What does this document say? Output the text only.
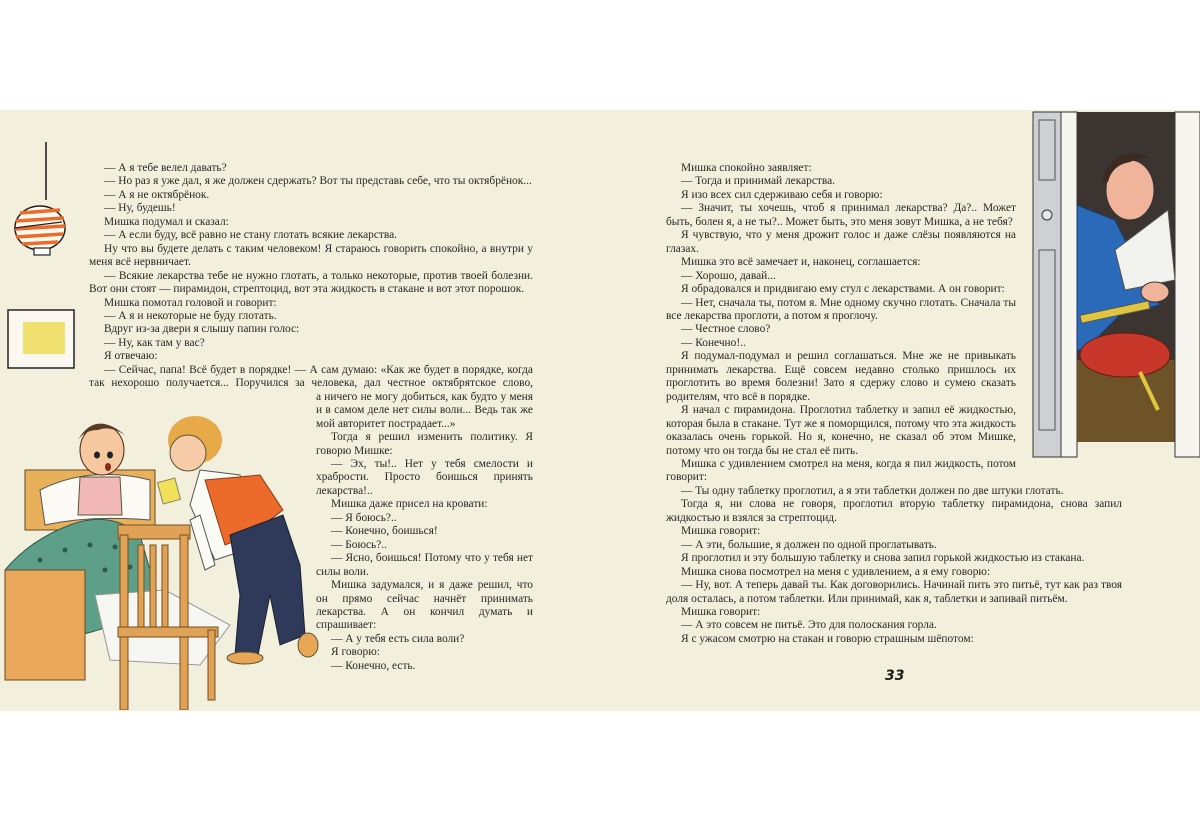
— А я тебе велел давать?

— Но раз я уже дал, я же должен сдержать? Вот ты представь себе, что ты октябрёнок...

— А я не октябрёнок.

— Ну, будешь!

Мишка подумал и сказал:

— А если буду, всё равно не стану глотать всякие лекарства.

Ну что вы будете делать с таким человеком! Я стараюсь говорить спокойно, а внутри у меня всё нервничает.

— Всякие лекарства тебе не нужно глотать, а только некоторые, против твоей болезни. Вот они стоят — пирамидон, стрептоцид, вот эта жидкость в стакане и вот этот порошок.

Мишка помотал головой и говорит:

— А я и некоторые не буду глотать.

Вдруг из-за двери я слышу папин голос:

— Ну, как там у вас?

Я отвечаю:

— Сейчас, папа! Всё будет в порядке! — А сам думаю: «Как же будет в порядке, когда так нехорошо получается... Поручился за человека, дал честное октябрятское слово,

а ничего не могу добиться, как будто у меня и в самом деле нет силы воли... Ведь так же мой авторитет пострадает...»

Тогда я решил изменить политику. Я говорю Мишке:

— Эх, ты!.. Нет у тебя смелости и храбрости. Просто боишься принять лекарства!..

Мишка даже присел на кровати:

— Я боюсь?..

— Конечно, боишься!

— Боюсь?..

— Ясно, боишься! Потому что у тебя нет силы воли.

Мишка задумался, и я даже решил, что он прямо сейчас начнёт принимать лекарства. А он кончил думать и спрашивает:

— А у тебя есть сила воли?

Я говорю:

— Конечно, есть.

Мишка спокойно заявляет:

— Тогда и принимай лекарства.

Я изо всех сил сдерживаю себя и говорю:

— Значит, ты хочешь, чтоб я принимал лекарства? Да?.. Может быть, болен я, а не ты?.. Может быть, это меня зовут Мишка, а не тебя?

Я чувствую, что у меня дрожит голос и даже слёзы появляются на глазах.

Мишка это всё замечает и, наконец, соглашается:

— Хорошо, давай...

Я обрадовался и придвигаю ему стул с лекарствами. А он говорит:

— Нет, сначала ты, потом я. Мне одному скучно глотать. Сначала ты все лекарства проглоти, а потом я проглочу.

— Честное слово?

— Конечно!..

Я подумал-подумал и решил соглашаться. Мне же не привыкать принимать лекарства. Ещё совсем недавно столько пришлось их проглотить во время болезни! Зато я сдержу слово и сумею сказать родителям, что всё в порядке.

Я начал с пирамидона. Проглотил таблетку и запил её жидкостью, которая была в стакане. Тут же я поморщился, потому что эта жидкость оказалась очень горькой. Но я, конечно, не сказал об этом Мишке, потому что он тогда бы не стал её пить.

Мишка с удивлением смотрел на меня, когда я пил жидкость, потом говорит:

— Ты одну таблетку проглотил, а я эти таблетки должен по две штуки глотать.

Тогда я, ни слова не говоря, проглотил вторую таблетку пирамидона, снова запил жидкостью и взялся за стрептоцид.

Мишка говорит:

— А эти, большие, я должен по одной проглатывать.

Я проглотил и эту большую таблетку и снова запил горькой жидкостью из стакана.

Мишка снова посмотрел на меня с удивлением, а я ему говорю:

— Ну, вот. А теперь давай ты. Как договорились. Начинай пить это питьё, тут как раз твоя доля осталась, а потом таблетки. Или принимай, как я, таблетки и запивай питьём.

Мишка говорит:

— А это совсем не питьё. Это для полоскания горла.

Я с ужасом смотрю на стакан и говорю страшным шёпотом:

33
